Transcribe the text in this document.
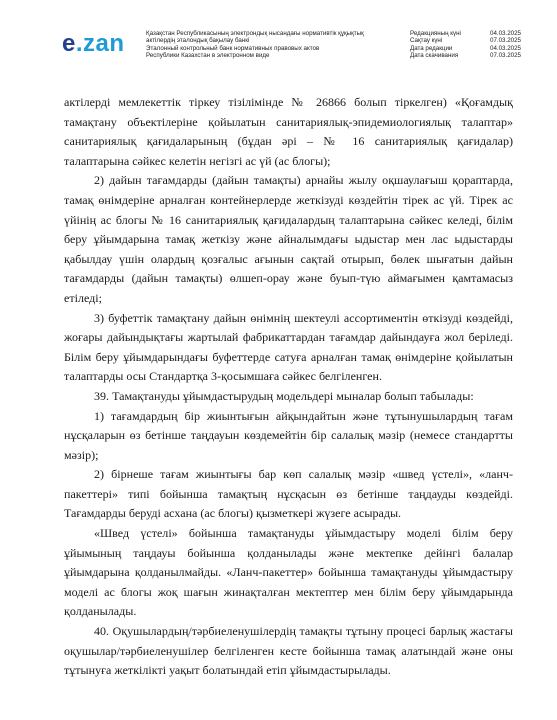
e.zan	Қазақстан Республикасының электрондық нысандағы нормативтік құқықтық
актілердің эталондық бақылау банкі
Эталонный контрольный банк нормативных правовых актов
Республики Казахстан в электронном виде
Редакцияның күні	04.03.2025
Сақтау күні	07.03.2025
Дата редакции	04.03.2025
Дата скачивания	07.03.2025

актілерді мемлекеттік тіркеу тізілімінде № 26866 болып тіркелген) «Қоғамдық тамақтану объектілеріне қойылатын санитариялық-эпидемиологиялық талаптар» санитариялық қағидаларының (бұдан әрі – № 16 санитариялық қағидалар) талаптарына сәйкес келетін негізгі ас үй (ас блогы);

2) дайын тағамдарды (дайын тамақты) арнайы жылу оқшаулағыш қораптарда, тамақ өнімдеріне арналған контейнерлерде жеткізуді көздейтін тірек ас үй. Тірек ас үйінің ас блогы № 16 санитариялық қағидалардың талаптарына сәйкес келеді, білім беру ұйымдарына тамақ жеткізу және айналымдағы ыдыстар мен лас ыдыстарды қабылдау үшін олардың қозғалыс ағынын сақтай отырып, бөлек шығатын дайын тағамдарды (дайын тамақты) өлшеп-орау және буып-түю аймағымен қамтамасыз етіледі;

3) буфеттік тамақтану дайын өнімнің шектеулі ассортиментін өткізуді көздейді, жоғары дайындықтағы жартылай фабрикаттардан тағамдар дайындауға жол беріледі. Білім беру ұйымдарындағы буфеттерде сатуға арналған тамақ өнімдеріне қойылатын талаптарды осы Стандартқа 3-қосымшаға сәйкес белгіленген.

39. Тамақтануды ұйымдастырудың модельдері мыналар болып табылады:

1) тағамдардың бір жиынтығын айқындайтын және тұтынушылардың тағам нұсқаларын өз бетінше таңдауын көздемейтін бір салалық мәзір (немесе стандартты мәзір);

2) бірнеше тағам жиынтығы бар көп салалық мәзір «швед үстелі», «ланч-пакеттері» типі бойынша тамақтың нұсқасын өз бетінше таңдауды көздейді. Тағамдарды беруді асхана (ас блогы) қызметкері жүзеге асырады.

«Швед үстелі» бойынша тамақтануды ұйымдастыру моделі білім беру ұйымының таңдауы бойынша қолданылады және мектепке дейінгі балалар ұйымдарына қолданылмайды. «Ланч-пакеттер» бойынша тамақтануды ұйымдастыру моделі ас блогы жоқ шағын жинақталған мектептер мен білім беру ұйымдарында қолданылады.

40. Оқушылардың/тәрбиеленушілердің тамақты тұтыну процесі барлық жастағы оқушылар/тәрбиеленушілер белгіленген кесте бойынша тамақ алатындай және оны тұтынуға жеткілікті уақыт болатындай етіп ұйымдастырылады.
